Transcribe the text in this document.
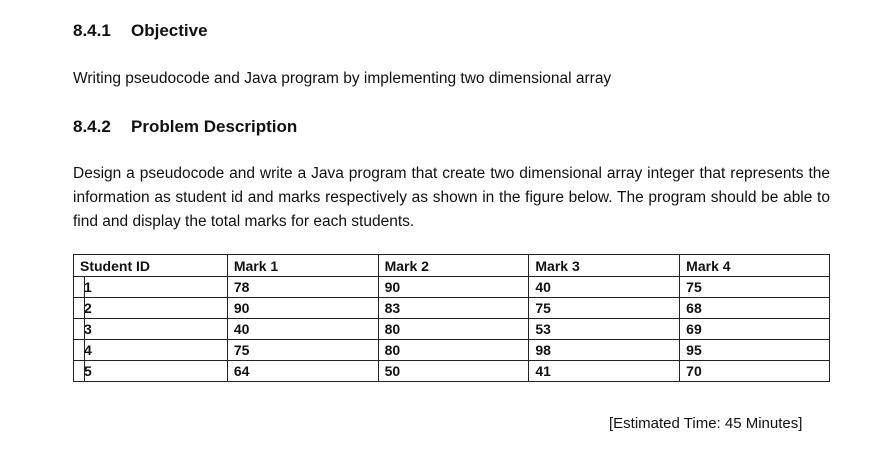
8.4.1 Objective

Writing pseudocode and Java program by implementing two dimensional array

8.4.2 Problem Description

Design a pseudocode and write a Java program that create two dimensional array integer that represents the information as student id and marks respectively as shown in the figure below. The program should be able to find and display the total marks for each students.

Student ID	Mark 1	Mark 2	Mark 3	Mark 4

1	78	90	40	75

2	90	83	75	68

3	40	80	53	69

4	75	80	98	95

5	64	50	41	70

[Estimated Time: 45 Minutes]
